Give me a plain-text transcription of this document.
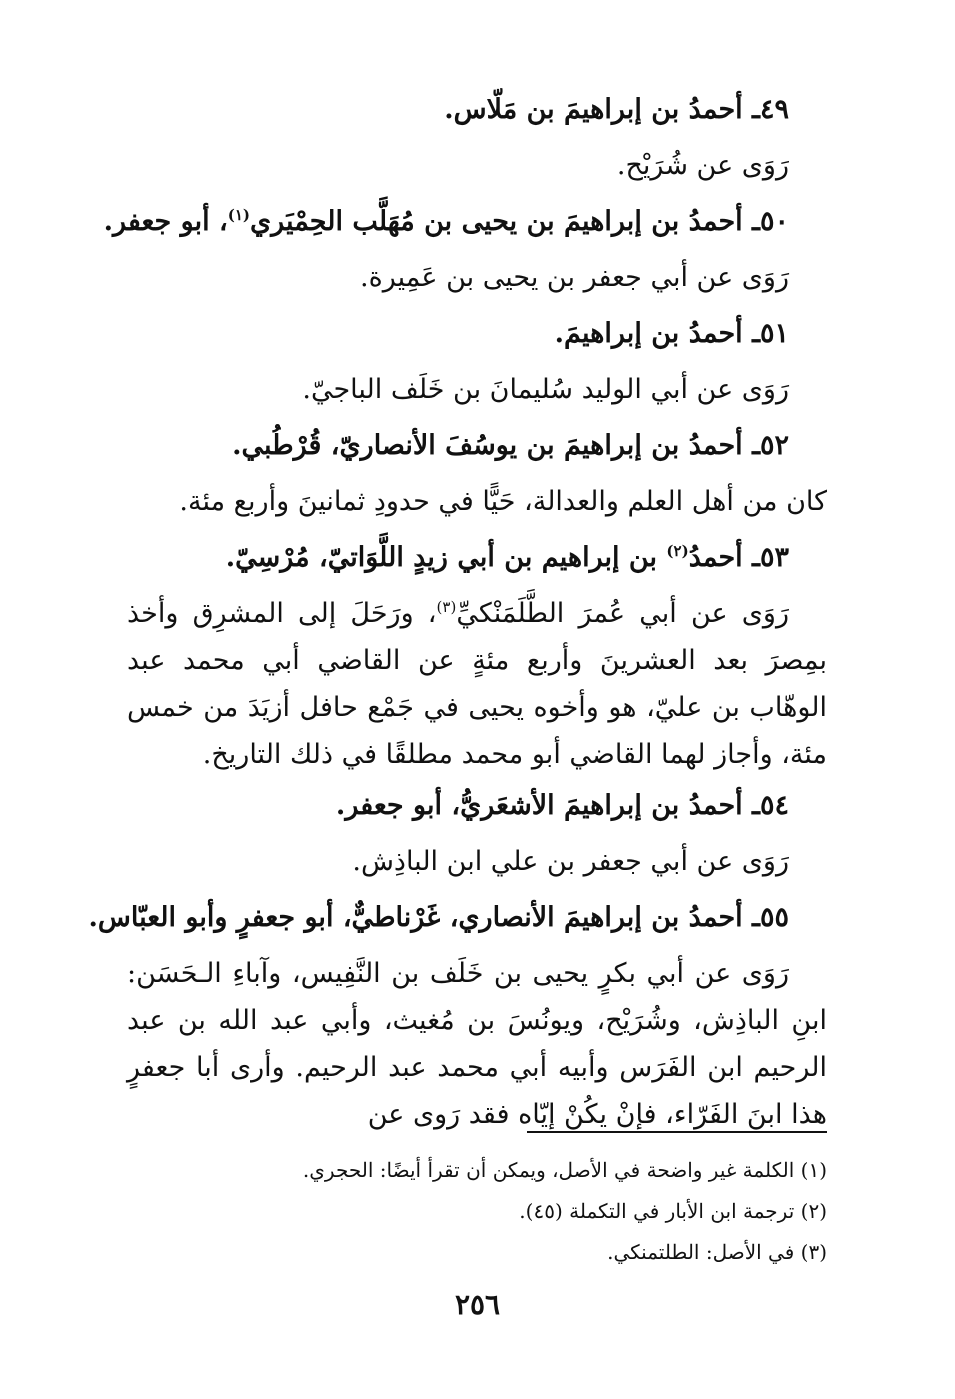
٤٩ـ أحمدُ بن إبراهيمَ بن مَلّاس.

رَوَى عن شُرَيْح.

٥٠ـ أحمدُ بن إبراهيمَ بن يحيى بن مُهَلَّب الحِمْيَري$^{(١)}$، أبو جعفر.

رَوَى عن أبي جعفر بن يحيى بن عَمِيرة.

٥١ـ أحمدُ بن إبراهيمَ.

رَوَى عن أبي الوليد سُليمانَ بن خَلَف الباجيّ.

٥٢ـ أحمدُ بن إبراهيمَ بن يوسُفَ الأنصاريّ، قُرْطُبي.

كان من أهل العلم والعدالة، حَيًّا في حدودِ ثمانينَ وأربع مئة.

٥٣ـ أحمدُ$^{(٢)}$ بن إبراهيم بن أبي زيدٍ اللَّوَاتيّ، مُرْسِيّ.

رَوَى عن أبي عُمرَ الطَّلَمَنْكيِّ$^{(٣)}$، ورَحَلَ إلى المشرِق وأخذ بمِصرَ بعد العشرينَ وأربع مئةٍ عن القاضي أبي محمد عبد الوهّاب بن عليّ، هو وأخوه يحيى في جَمْع حافل أزيَدَ من خمس مئة، وأجاز لهما القاضي أبو محمد مطلقًا في ذلك التاريخ.

٥٤ـ أحمدُ بن إبراهيمَ الأشعَريُّ، أبو جعفر.

رَوَى عن أبي جعفر بن علي ابن الباذِش.

٥٥ـ أحمدُ بن إبراهيمَ الأنصاري، غَرْناطيٌّ، أبو جعفرٍ وأبو العبّاس.

رَوَى عن أبي بكرٍ يحيى بن خَلَف بن النَّفِيس، وآباءِ الـحَسَن: ابنِ الباذِش، وشُرَيْح، ويونُسَ بن مُغيث، وأبي عبد الله بن عبد الرحيم ابن الفَرَس وأبيه أبي محمد عبد الرحيم. وأرى أبا جعفرٍ هذا ابنَ الفَرّاء، فإنْ يكُنْ إيّاه فقد رَوى عن

(١) الكلمة غير واضحة في الأصل، ويمكن أن تقرأ أيضًا: الحجري.

(٢) ترجمة ابن الأبار في التكملة (٤٥).

(٣) في الأصل: الطلتمنكي.

٢٥٦
